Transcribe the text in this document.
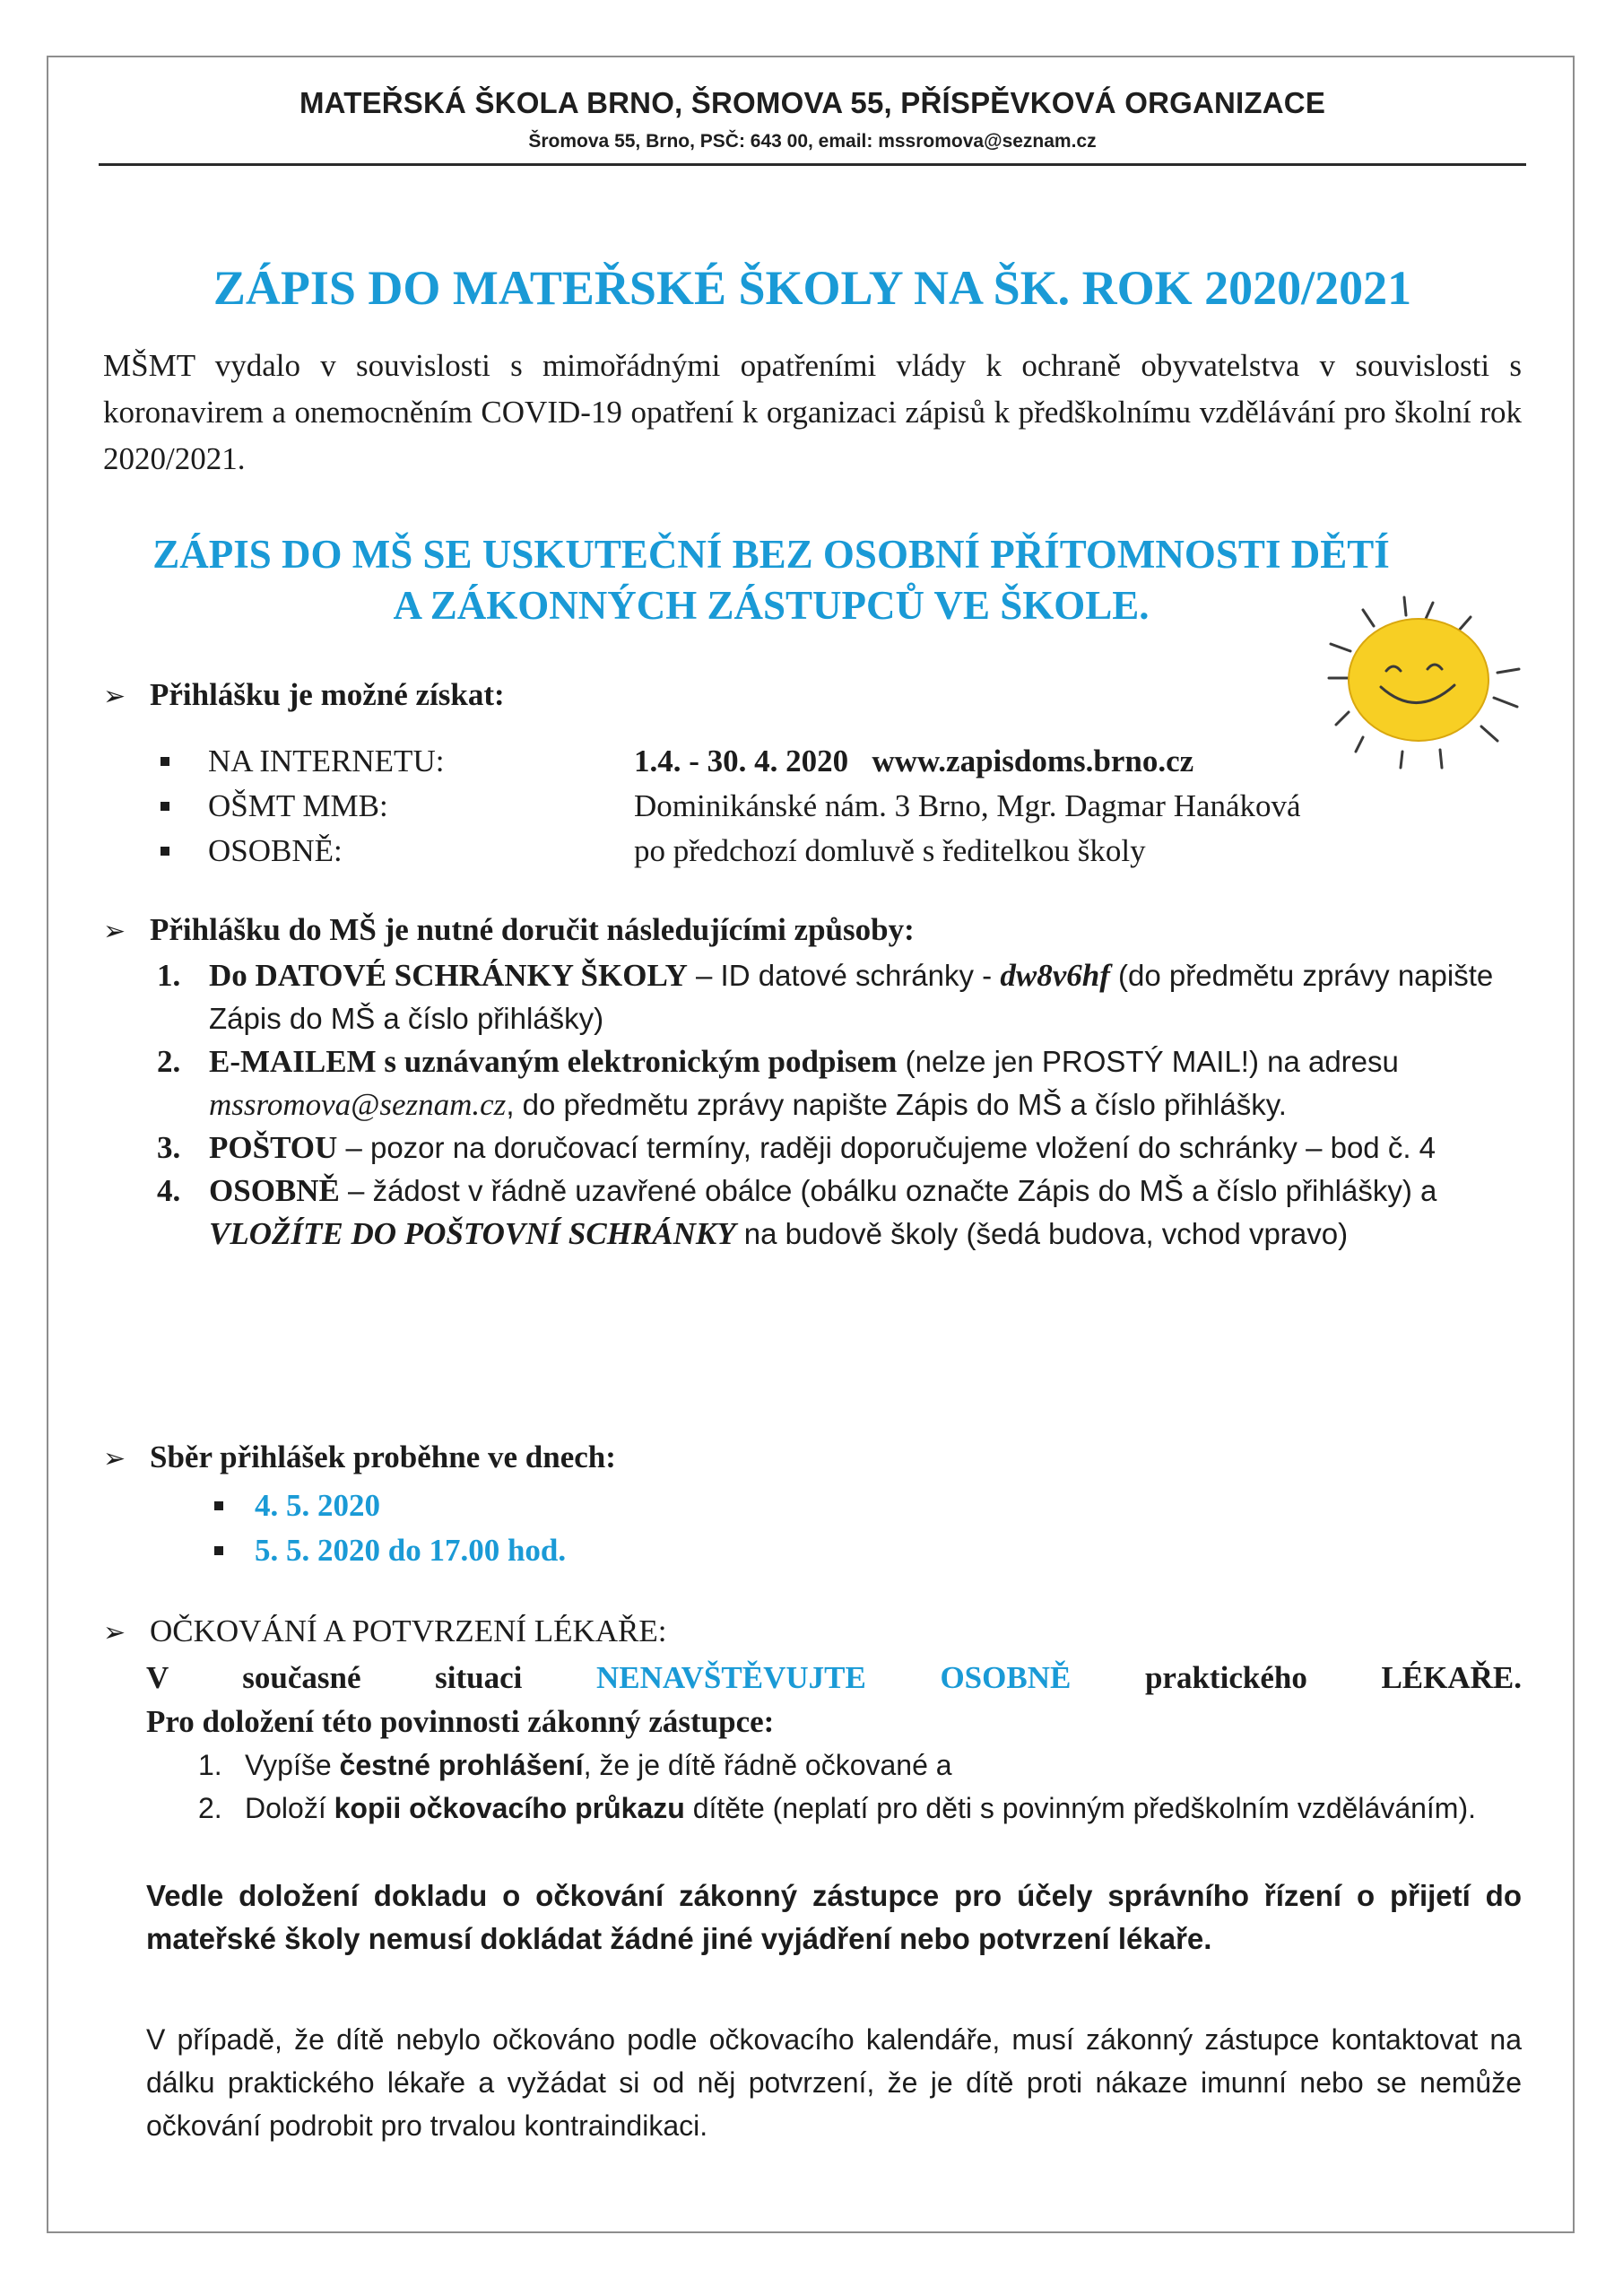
MATEŘSKÁ ŠKOLA BRNO, ŠROMOVA 55, PŘÍSPĚVKOVÁ ORGANIZACE
Šromova 55, Brno, PSČ: 643 00, email: mssromova@seznam.cz
ZÁPIS DO MATEŘSKÉ ŠKOLY NA ŠK. ROK 2020/2021
MŠMT vydalo v souvislosti s mimořádnými opatřeními vlády k ochraně obyvatelstva v souvislosti s koronavirem a onemocněním COVID-19 opatření k organizaci zápisů k předškolnímu vzdělávání pro školní rok 2020/2021.
ZÁPIS DO MŠ SE USKUTEČNÍ BEZ OSOBNÍ PŘÍTOMNOSTI DĚTÍ
A ZÁKONNÝCH ZÁSTUPCŮ VE ŠKOLE.
➢ Přihlášku je možné získat:
NA INTERNETU:	1.4. - 30. 4. 2020   www.zapisdoms.brno.cz
OŠMT MMB:	Dominikánské nám. 3 Brno, Mgr. Dagmar Hanáková
OSOBNĚ:	po předchozí domluvě s ředitelkou školy
➢ Přihlášku do MŠ je nutné doručit následujícími způsoby:
1. Do DATOVÉ SCHRÁNKY ŠKOLY – ID datové schránky - dw8v6hf (do předmětu zprávy napište Zápis do MŠ a číslo přihlášky)
2. E-MAILEM s uznávaným elektronickým podpisem (nelze jen PROSTÝ MAIL!) na adresu mssromova@seznam.cz, do předmětu zprávy napište Zápis do MŠ a číslo přihlášky.
3. POŠTOU – pozor na doručovací termíny, raději doporučujeme vložení do schránky – bod č. 4
4. OSOBNĚ – žádost v řádně uzavřené obálce (obálku označte Zápis do MŠ a číslo přihlášky) a VLOŽÍTE DO POŠTOVNÍ SCHRÁNKY na budově školy (šedá budova, vchod vpravo)
➢ Sběr přihlášek proběhne ve dnech:
4. 5. 2020
5. 5. 2020 do 17.00 hod.
➢ OČKOVÁNÍ A POTVRZENÍ LÉKAŘE:
V současné situaci NENAVŠTĚVUJTE OSOBNĚ praktického LÉKAŘE.
Pro doložení této povinnosti zákonný zástupce:
1. Vypíše čestné prohlášení, že je dítě řádně očkované a
2. Doloží kopii očkovacího průkazu dítěte (neplatí pro děti s povinným předškolním vzděláváním).
Vedle doložení dokladu o očkování zákonný zástupce pro účely správního řízení o přijetí do mateřské školy nemusí dokládat žádné jiné vyjádření nebo potvrzení lékaře.
V případě, že dítě nebylo očkováno podle očkovacího kalendáře, musí zákonný zástupce kontaktovat na dálku praktického lékaře a vyžádat si od něj potvrzení, že je dítě proti nákaze imunní nebo se nemůže očkování podrobit pro trvalou kontraindikaci.
